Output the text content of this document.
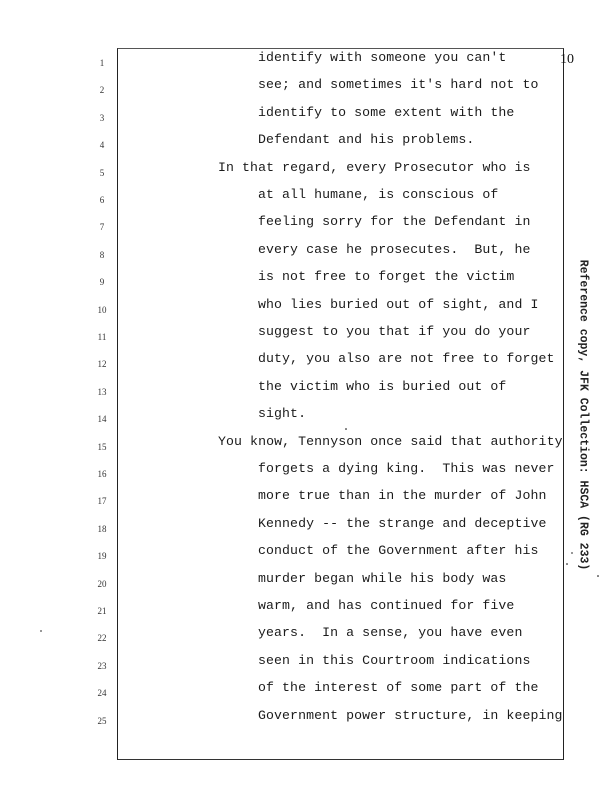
10
1	identify with someone you can't
2	see; and sometimes it's hard not to
3	identify to some extent with the
4	Defendant and his problems.
5	In that regard, every Prosecutor who is
6	at all humane, is conscious of
7	feeling sorry for the Defendant in
8	every case he prosecutes.  But, he
9	is not free to forget the victim
10	who lies buried out of sight, and I
11	suggest to you that if you do your
12	duty, you also are not free to forget
13	the victim who is buried out of
14	sight.
15	You know, Tennyson once said that authority
16	forgets a dying king.  This was never
17	more true than in the murder of John
18	Kennedy -- the strange and deceptive
19	conduct of the Government after his
20	murder began while his body was
21	warm, and has continued for five
22	years.  In a sense, you have even
23	seen in this Courtroom indications
24	of the interest of some part of the
25	Government power structure, in keeping
Reference copy, JFK Collection: HSCA (RG 233)
